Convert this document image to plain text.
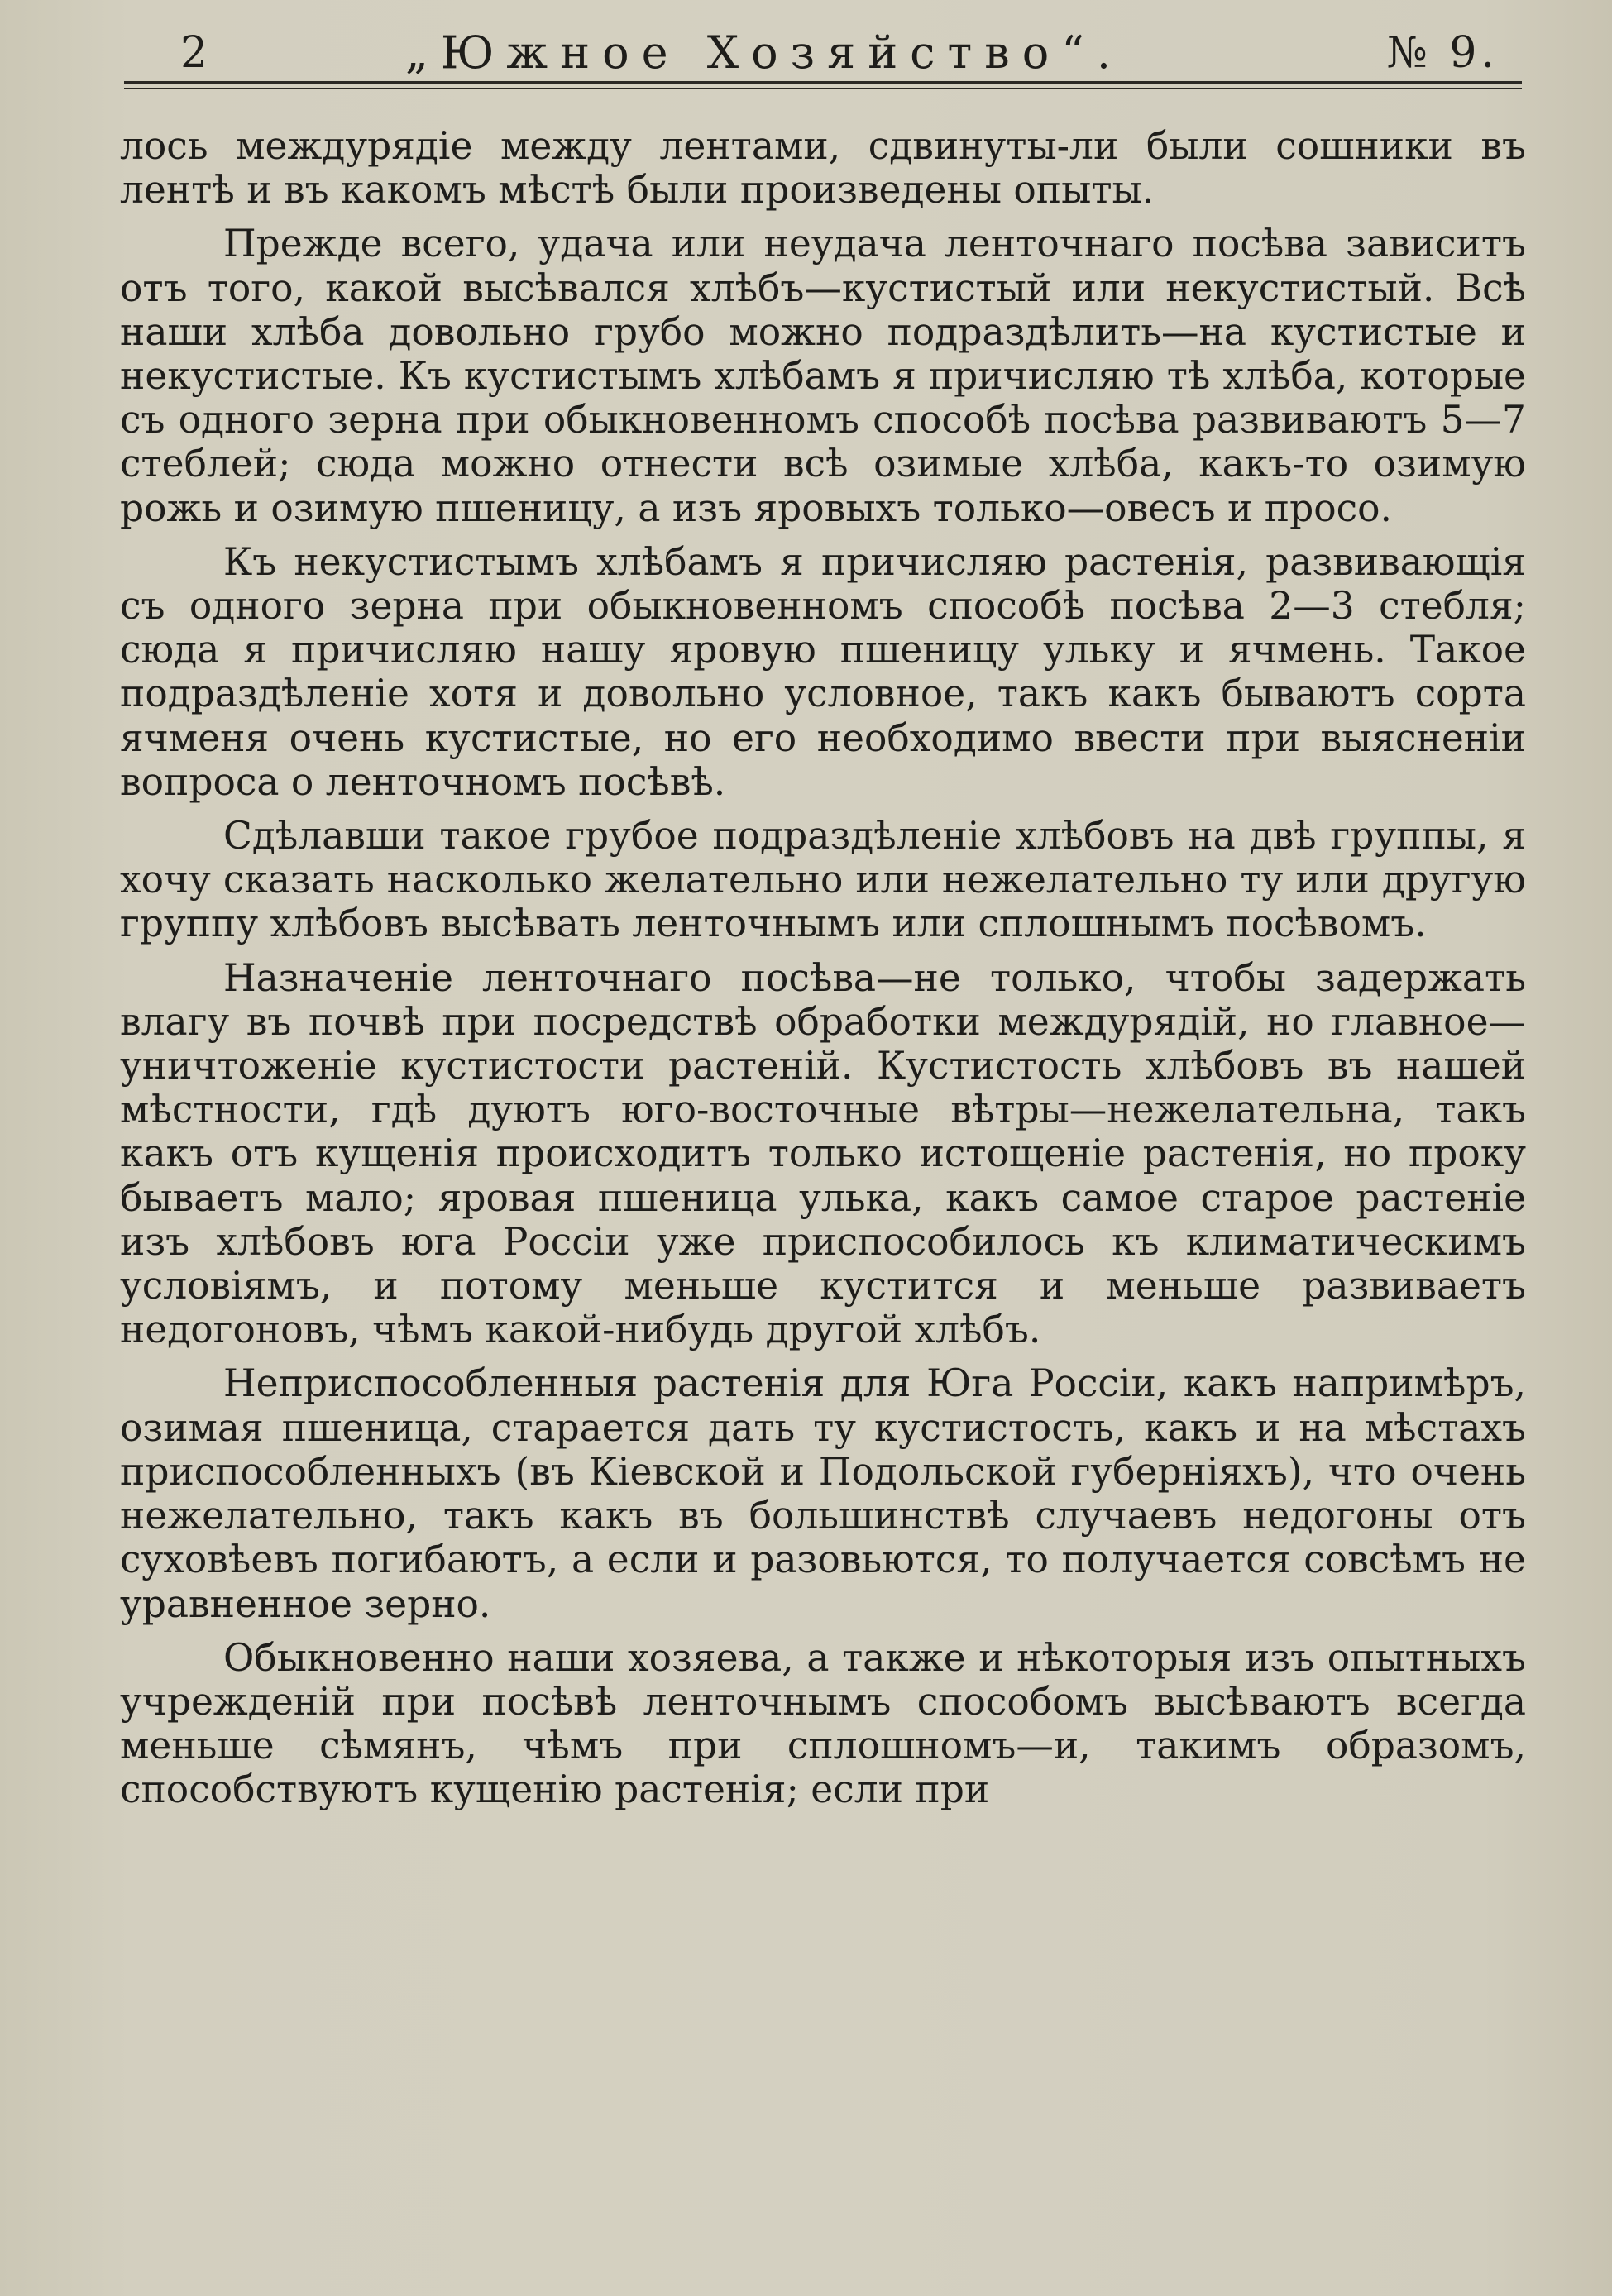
2	„Южное Хозяйство“.	№ 9.

лось междурядіе между лентами, сдвинуты-ли были сошники въ лентѣ и въ какомъ мѣстѣ были произведены опыты.

Прежде всего, удача или неудача ленточнаго посѣва зависитъ отъ того, какой высѣвался хлѣбъ—кустистый или некустистый. Всѣ наши хлѣба довольно грубо можно подраздѣлить—на кустистые и некустистые. Къ кустистымъ хлѣбамъ я причисляю тѣ хлѣба, которые съ одного зерна при обыкновенномъ способѣ посѣва развиваютъ 5—7 стеблей; сюда можно отнести всѣ озимые хлѣба, какъ-то озимую рожь и озимую пшеницу, а изъ яровыхъ только—овесъ и просо.

Къ некустистымъ хлѣбамъ я причисляю растенія, развивающія съ одного зерна при обыкновенномъ способѣ посѣва 2—3 стебля; сюда я причисляю нашу яровую пшеницу ульку и ячмень. Такое подраздѣленіе хотя и довольно условное, такъ какъ бываютъ сорта ячменя очень кустистые, но его необходимо ввести при выясненіи вопроса о ленточномъ посѣвѣ.

Сдѣлавши такое грубое подраздѣленіе хлѣбовъ на двѣ группы, я хочу сказать насколько желательно или нежелательно ту или другую группу хлѣбовъ высѣвать ленточнымъ или сплошнымъ посѣвомъ.

Назначеніе ленточнаго посѣва—не только, чтобы задержать влагу въ почвѣ при посредствѣ обработки междурядій, но главное—уничтоженіе кустистости растеній. Кустистость хлѣбовъ въ нашей мѣстности, гдѣ дуютъ юго-восточные вѣтры—нежелательна, такъ какъ отъ кущенія происходитъ только истощеніе растенія, но проку бываетъ мало; яровая пшеница улька, какъ самое старое растеніе изъ хлѣбовъ юга Россіи уже приспособилось къ климатическимъ условіямъ, и потому меньше кустится и меньше развиваетъ недогоновъ, чѣмъ какой-нибудь другой хлѣбъ.

Неприспособленныя растенія для Юга Россіи, какъ напримѣръ, озимая пшеница, старается дать ту кустистость, какъ и на мѣстахъ приспособленныхъ (въ Кіевской и Подольской губерніяхъ), что очень нежелательно, такъ какъ въ большинствѣ случаевъ недогоны отъ суховѣевъ погибаютъ, а если и разовьются, то получается совсѣмъ не уравненное зерно.

Обыкновенно наши хозяева, а также и нѣкоторыя изъ опытныхъ учрежденій при посѣвѣ ленточнымъ способомъ высѣваютъ всегда меньше сѣмянъ, чѣмъ при сплошномъ—и, такимъ образомъ, способствуютъ кущенію растенія; если при
